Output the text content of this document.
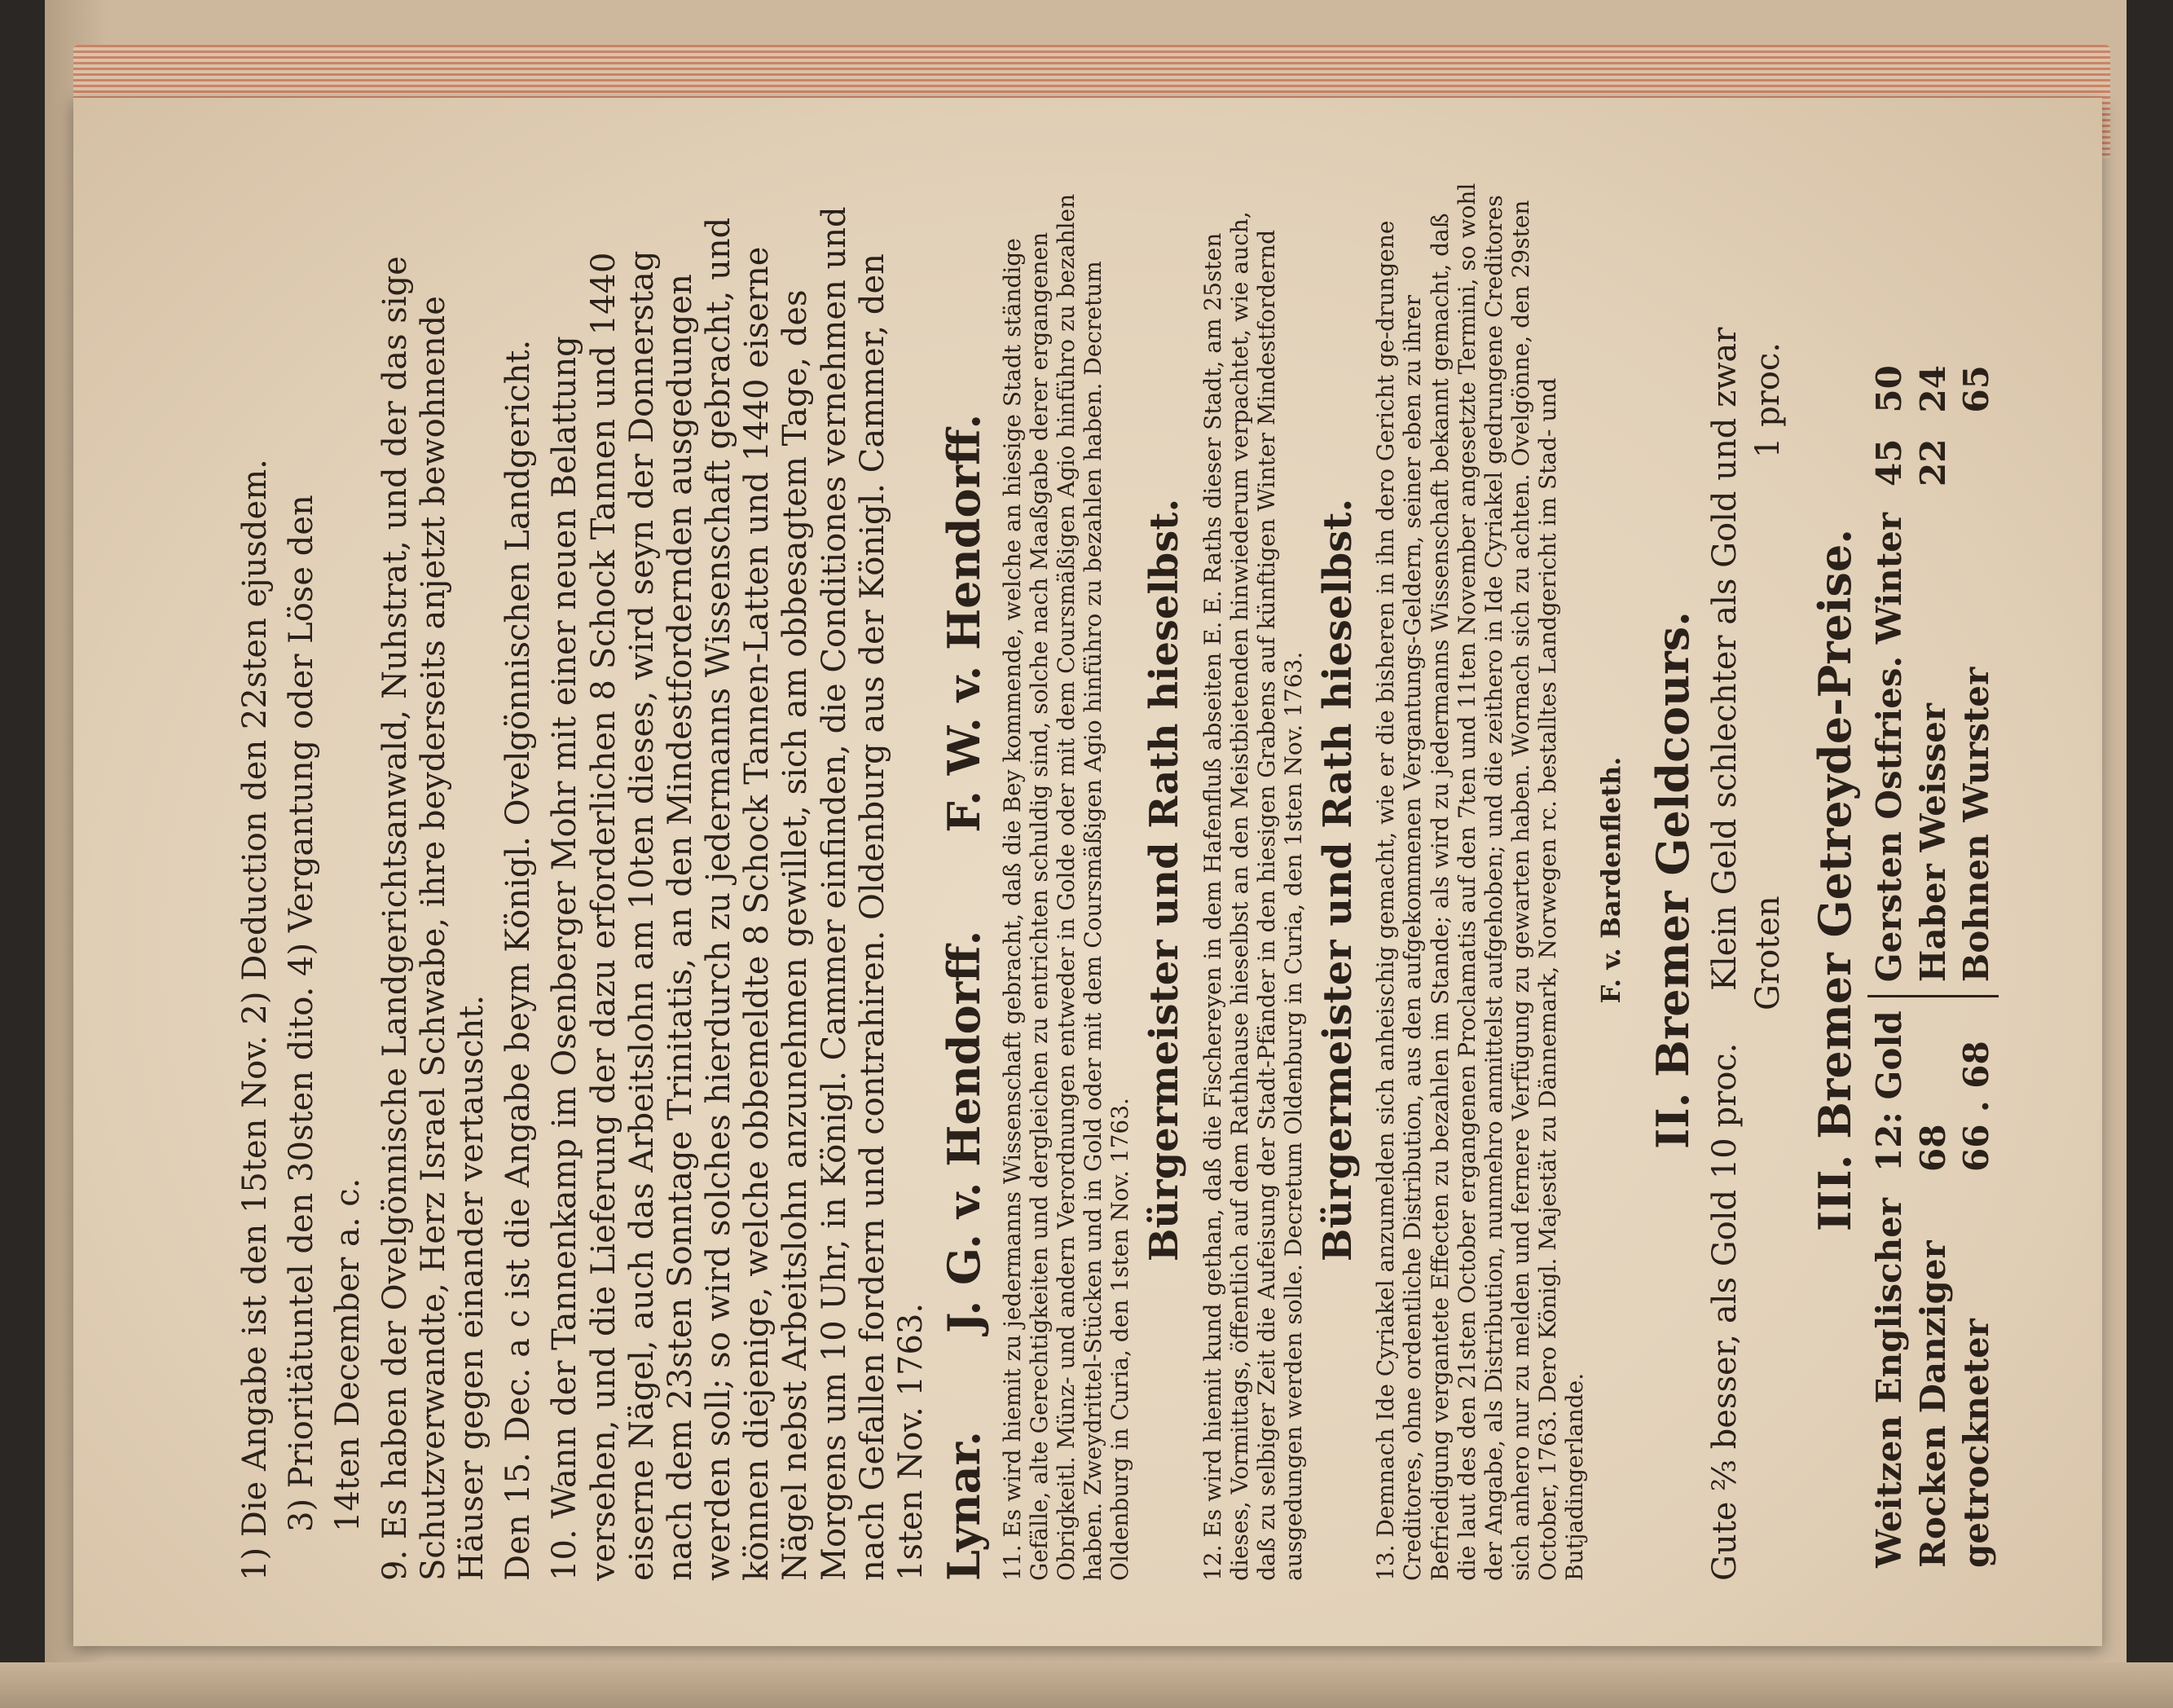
1) Die Angabe ist den 15ten Nov. 2) Deduction den 22sten ejusdem. 3) Prioritätuntel den 30sten dito. 4) Vergantung oder Löse den 14ten December a. c. 9. Es haben der Ovelgönnische Landgerichtsanwald, Nuhstrat, und der das sige Schutzverwandte, Herz Israel Schwabe, ihre beyderseits anjetzt bewohnende Häuser gegen einander vertauscht. Den 15. Dec. a c ist die Angabe beym Königl. Ovelgönnischen Landgericht. 10. Wann der Tannenkamp im Osenberger Mohr mit einer neuen Belattung versehen, und die Lieferung der dazu erforderlichen 8 Schock Tannen und 1440 eiserne Nägel, auch das Arbeitslohn am 10ten dieses, wird seyn der Donnerstag nach dem 23sten Sonntage Trinitatis, an den Mindestfordernden ausgedungen werden soll; so wird solches hierdurch zu jedermanns Wissenschaft gebracht, und können diejenige, welche obbemeldte 8 Schock Tannen-Latten und 1440 eiserne Nägel nebst Arbeitslohn anzunehmen gewillet, sich am obbesagtem Tage, des Morgens um 10 Uhr, in Königl. Cammer einfinden, die Conditiones vernehmen und nach Gefallen fordern und contrahiren. Oldenburg aus der Königl. Cammer, den 1sten Nov. 1763. Lynar.
J. G. v. Hendorff.
F. W. v. Hendorff. 11. Es wird hiemit zu jedermanns Wissenschaft gebracht, daß die Bey kommende, welche an hiesige Stadt ständige Gefälle, alte Gerechtigkeiten und dergleichen zu entrichten schuldig sind, solche nach Maaßgabe derer ergangenen Obrigkeitl. Münz- und andern Verordnungen entweder in Golde oder mit dem Coursmäßigen Agio hinführo zu bezahlen haben. Zweydrittel-Stücken und in Gold oder mit dem Coursmäßigen Agio hinführo zu bezahlen haben. Decretum Oldenburg in Curia, den 1sten Nov. 1763.
Bürgermeister und Rath hieselbst. 12. Es wird hiemit kund gethan, daß die Fischereyen in dem Hafenfluß abseiten E. E. Raths dieser Stadt, am 25sten dieses, Vormittags, öffentlich auf dem Rathhause hieselbst an den Meistbietenden hinwiederum verpachtet, wie auch, daß zu selbiger Zeit die Aufeisung der Stadt-Pfänder in den hiesigen Grabens auf künftigen Winter Mindestfordernd ausgedungen werden solle. Decretum Oldenburg in Curia, den 1sten Nov. 1763. Bürgermeister und Rath hieselbst. 13. Demnach Ide Cyriakel anzumelden sich anheischig gemacht, wie er die bisheren in ihn dero Gericht ge-drungene Creditores, ohne ordentliche Distribution, aus den aufgekommenen Vergantungs-Geldern, seiner eben zu ihrer Befriedigung vergantete Effecten zu bezahlen im Stande; als wird zu jedermanns Wissenschaft bekannt gemacht, daß die laut des den 21sten October ergangenen Proclamatis auf den 7ten und 11ten November angesetzte Termini, so wohl der Angabe, als Distribution, nunmehro anmittelst aufgehoben; und die zeithero in Ide Cyriakel gedrungene Creditores sich anhero nur zu melden und fernere Verfügung zu gewarten haben. Wornach sich zu achten. Ovelgönne, den 29sten October, 1763. Dero Königl. Majestät zu Dännemark, Norwegen rc. bestalltes Landgericht im Stad- und Butjadingerlande.
F. v. Bardenfleth. II. Bremer Geldcours.
Gute ⅔ besser, als Gold 10 proc.     Klein Geld schlechter als Gold und zwar Groten
1 proc.
III. Bremer Getreyde-Preise.
Weitzen Englischer	12: Gold	Gersten Ostfries. Winter	45	50
Rocken Danziger	68	Haber Weisser	22	24
getrockneter	66 . 68	Bohnen Wurster		65
